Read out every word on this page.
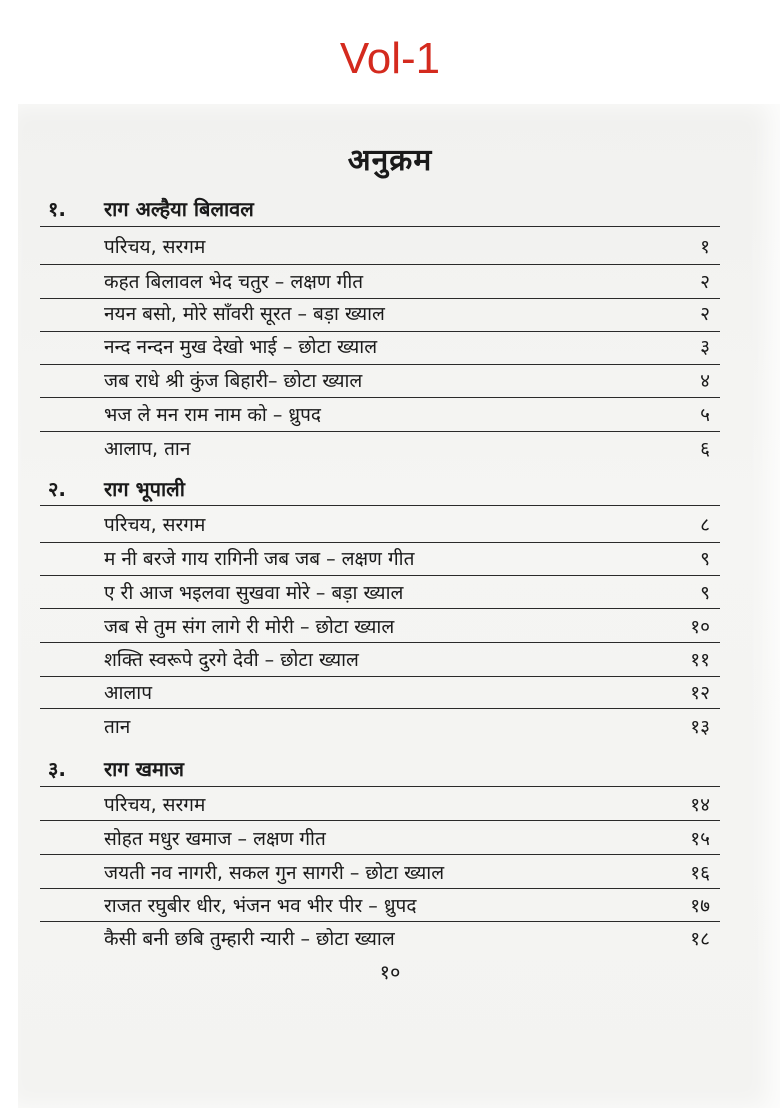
Vol-1
अनुक्रम
१.	राग अल्हैया बिलावल
परिचय, सरगम	१
कहत बिलावल भेद चतुर – लक्षण गीत	२
नयन बसो, मोरे साँवरी सूरत – बड़ा ख्याल	२
नन्द नन्दन मुख देखो भाई – छोटा ख्याल	३
जब राधे श्री कुंज बिहारी– छोटा ख्याल	४
भज ले मन राम नाम को – ध्रुपद	५
आलाप, तान	६
२.	राग भूपाली
परिचय, सरगम	८
म नी बरजे गाय रागिनी जब जब – लक्षण गीत	९
ए री आज भइलवा सुखवा मोरे – बड़ा ख्याल	९
जब से तुम संग लागे री मोरी – छोटा ख्याल	१०
शक्ति स्वरूपे दुरगे देवी – छोटा ख्याल	११
आलाप	१२
तान	१३
३.	राग खमाज
परिचय, सरगम	१४
सोहत मधुर खमाज – लक्षण गीत	१५
जयती नव नागरी, सकल गुन सागरी – छोटा ख्याल	१६
राजत रघुबीर धीर, भंजन भव भीर पीर – ध्रुपद	१७
कैसी बनी छबि तुम्हारी न्यारी – छोटा ख्याल	१८
१०
